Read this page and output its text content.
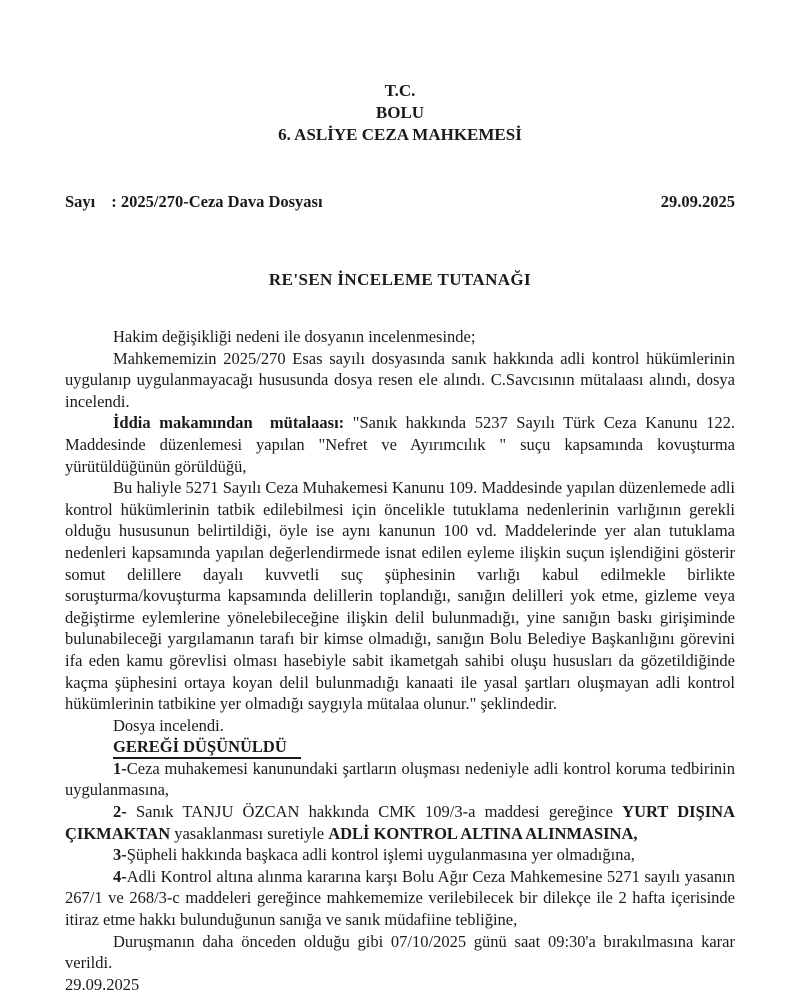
T.C.
BOLU
6. ASLİYE CEZA MAHKEMESİ
Sayı : 2025/270-Ceza Dava Dosyası	29.09.2025
RE'SEN İNCELEME TUTANAĞI

Hakim değişikliği nedeni ile dosyanın incelenmesinde;

Mahkememizin 2025/270 Esas sayılı dosyasında sanık hakkında adli kontrol hükümlerinin uygulanıp uygulanmayacağı hususunda dosya resen ele alındı. C.Savcısının mütalaası alındı, dosya incelendi.

İddia makamından  mütalaası: "Sanık hakkında 5237 Sayılı Türk Ceza Kanunu 122. Maddesinde düzenlemesi yapılan "Nefret ve Ayırımcılık " suçu kapsamında kovuşturma yürütüldüğünün görüldüğü,

Bu haliyle 5271 Sayılı Ceza Muhakemesi Kanunu 109. Maddesinde yapılan düzenlemede adli kontrol hükümlerinin tatbik edilebilmesi için öncelikle tutuklama nedenlerinin varlığının gerekli olduğu hususunun belirtildiği, öyle ise aynı kanunun 100 vd. Maddelerinde yer alan tutuklama nedenleri kapsamında yapılan değerlendirmede isnat edilen eyleme ilişkin suçun işlendiğini gösterir somut delillere dayalı kuvvetli suç şüphesinin varlığı kabul edilmekle birlikte soruşturma/kovuşturma kapsamında delillerin toplandığı, sanığın delilleri yok etme, gizleme veya değiştirme eylemlerine yönelebileceğine ilişkin delil bulunmadığı, yine sanığın baskı girişiminde bulunabileceği yargılamanın tarafı bir kimse olmadığı, sanığın Bolu Belediye Başkanlığını görevini ifa eden kamu görevlisi olması hasebiyle sabit ikametgah sahibi oluşu hususları da gözetildiğinde kaçma şüphesini ortaya koyan delil bulunmadığı kanaati ile yasal şartları oluşmayan adli kontrol hükümlerinin tatbikine yer olmadığı saygıyla mütalaa olunur." şeklindedir.

Dosya incelendi.

GEREĞİ DÜŞÜNÜLDÜ

1-Ceza muhakemesi kanunundaki şartların oluşması nedeniyle adli kontrol koruma tedbirinin uygulanmasına,

2- Sanık TANJU ÖZCAN hakkında CMK 109/3-a maddesi gereğince YURT DIŞINA ÇIKMAKTAN yasaklanması suretiyle ADLİ KONTROL ALTINA ALINMASINA,

3-Şüpheli hakkında başkaca adli kontrol işlemi uygulanmasına yer olmadığına,

4-Adli Kontrol altına alınma kararına karşı Bolu Ağır Ceza Mahkemesine 5271 sayılı yasanın 267/1 ve 268/3-c maddeleri gereğince mahkememize verilebilecek bir dilekçe ile 2 hafta içerisinde itiraz etme hakkı bulunduğunun sanığa ve sanık müdafiine tebliğine,

Duruşmanın daha önceden olduğu gibi 07/10/2025 günü saat 09:30'a bırakılmasına karar verildi.

29.09.2025
